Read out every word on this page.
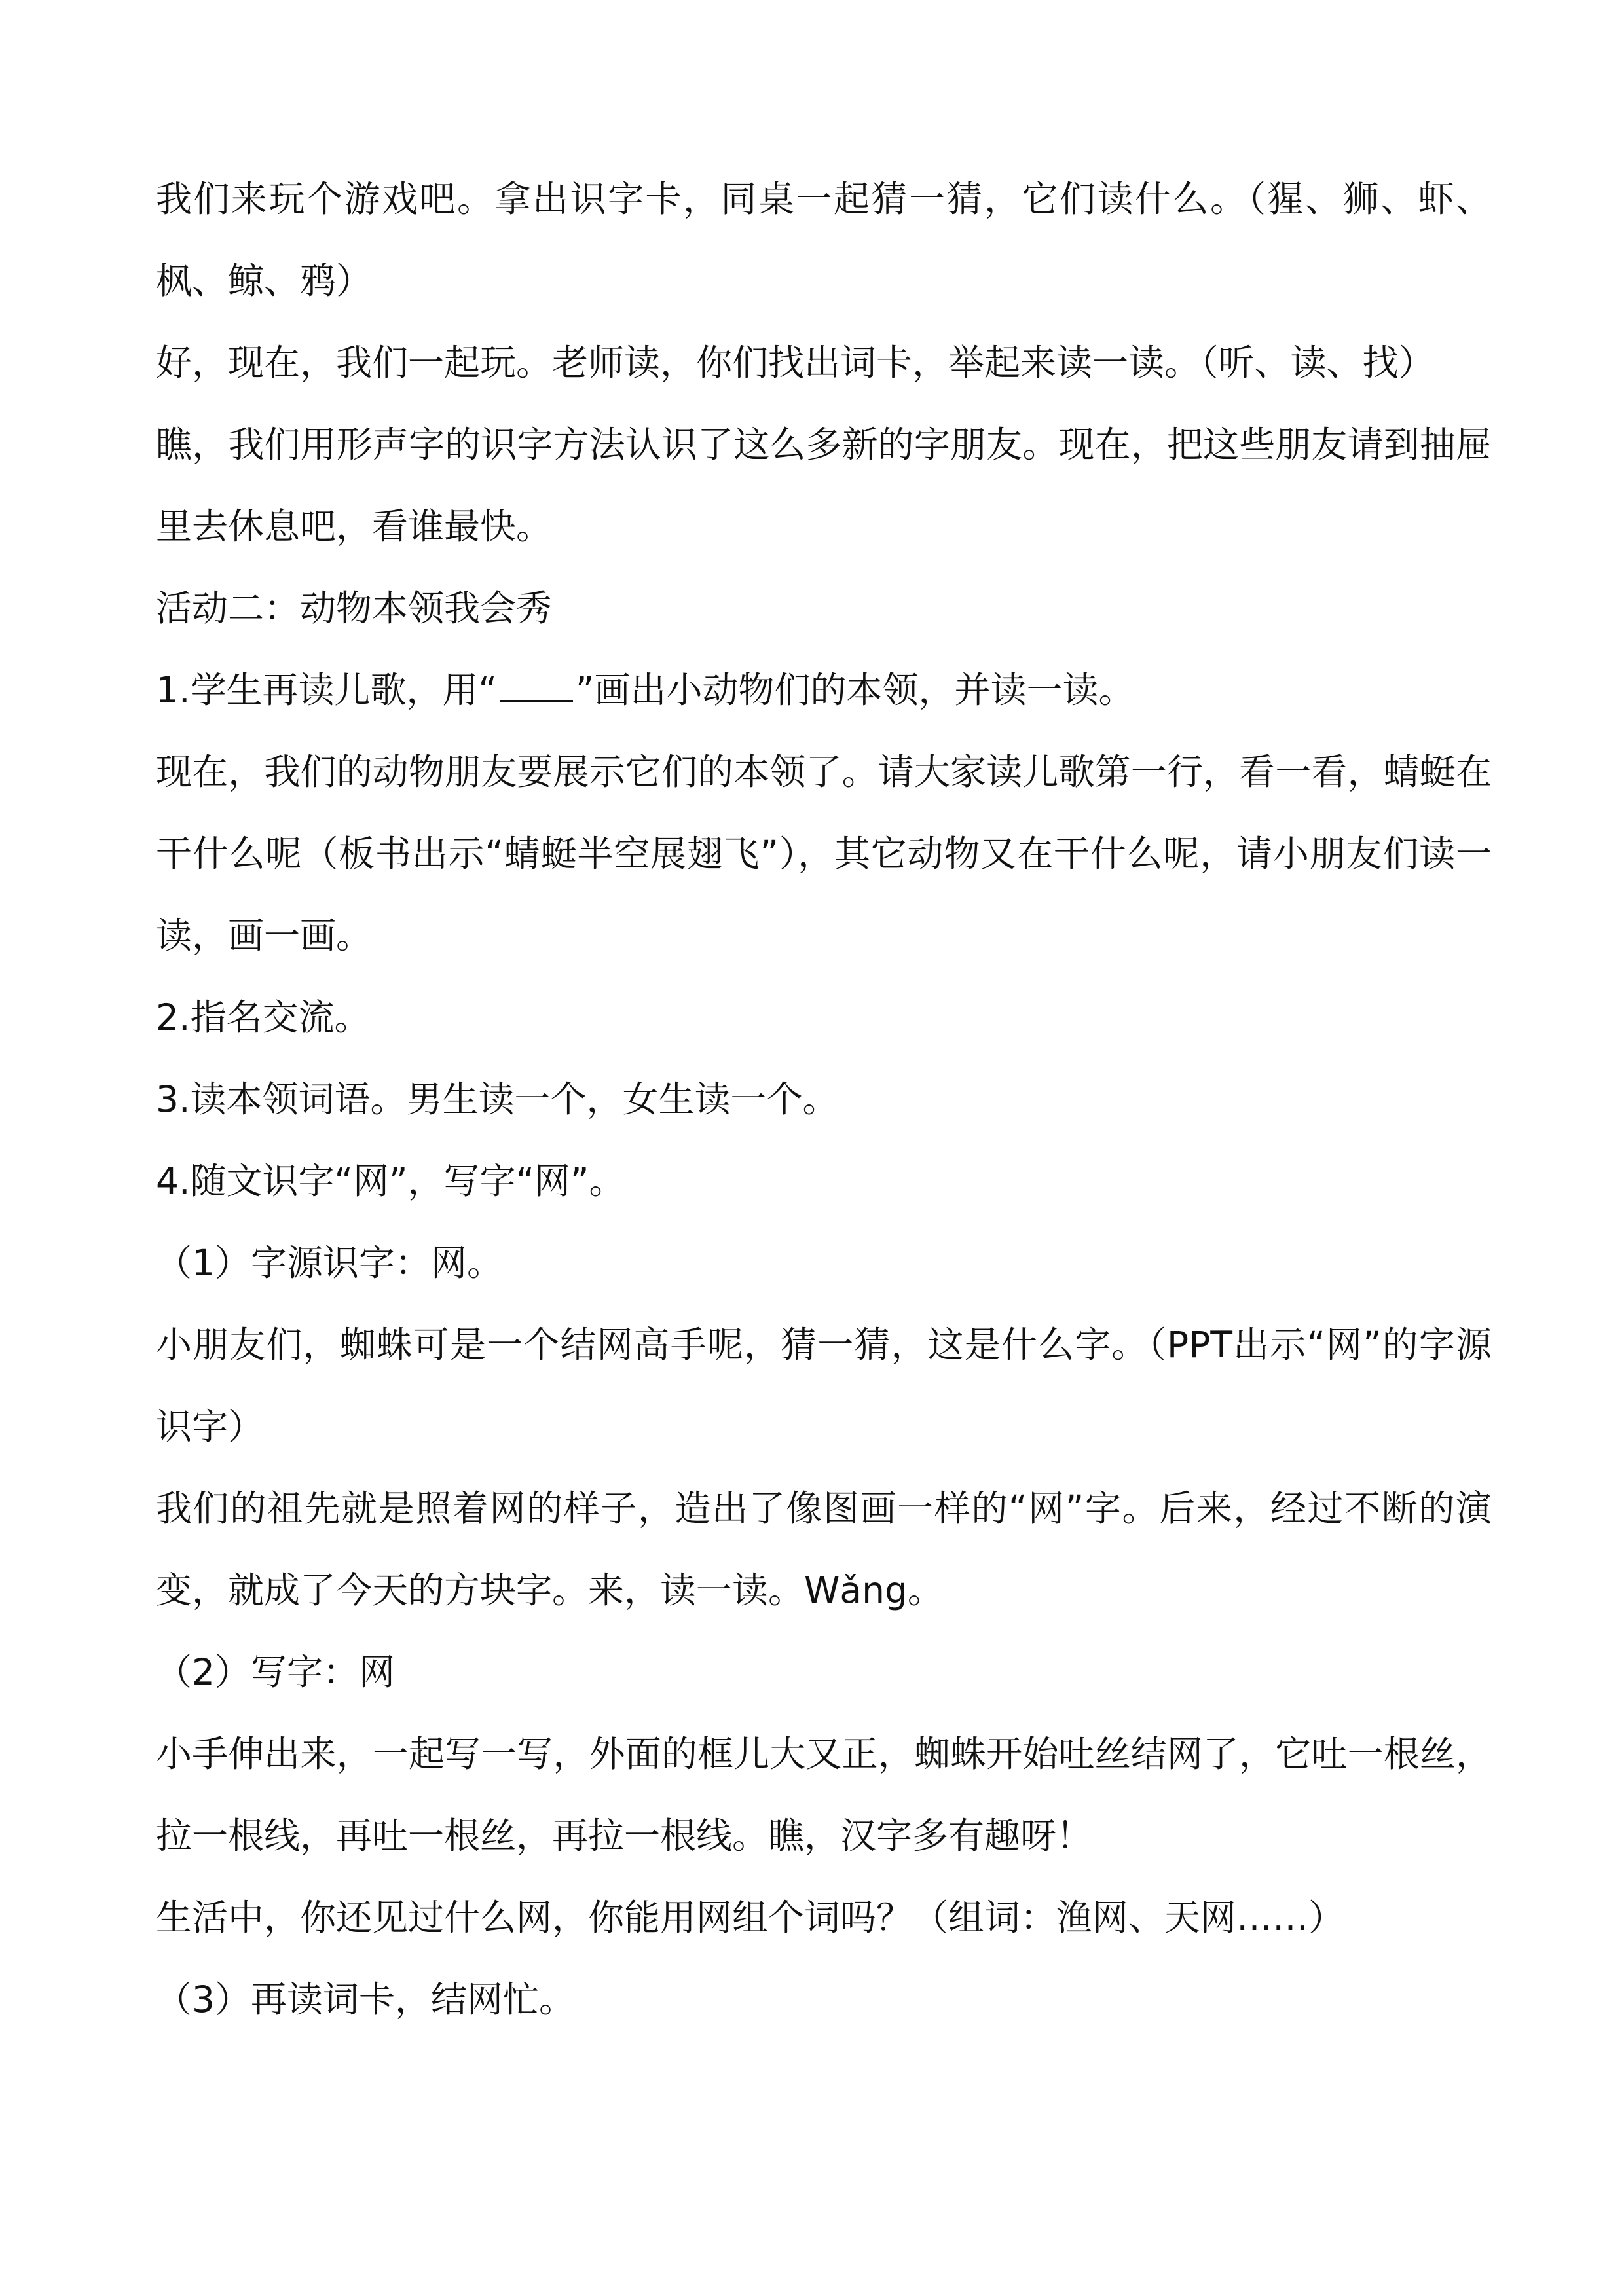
我们来玩个游戏吧。拿出识字卡，同桌一起猜一猜，它们读什么。（猩、狮、虾、枫、鲸、鸦）

好，现在，我们一起玩。老师读，你们找出词卡，举起来读一读。（听、读、找）

瞧，我们用形声字的识字方法认识了这么多新的字朋友。现在，把这些朋友请到抽屉里去休息吧，看谁最快。

活动二：动物本领我会秀

1.学生再读儿歌，用“ ”画出小动物们的本领，并读一读。

现在，我们的动物朋友要展示它们的本领了。请大家读儿歌第一行，看一看，蜻蜓在干什么呢（板书出示“蜻蜓半空展翅飞”），其它动物又在干什么呢，请小朋友们读一读，画一画。

2.指名交流。

3.读本领词语。男生读一个，女生读一个。

4.随文识字“网”，写字“网”。

（1）字源识字：网。

小朋友们，蜘蛛可是一个结网高手呢，猜一猜，这是什么字。（PPT出示“网”的字源识字）

我们的祖先就是照着网的样子，造出了像图画一样的“网”字。后来，经过不断的演变，就成了今天的方块字。来，读一读。Wǎng。

（2）写字：网

小手伸出来，一起写一写，外面的框儿大又正，蜘蛛开始吐丝结网了，它吐一根丝，拉一根线，再吐一根丝，再拉一根线。瞧，汉字多有趣呀！

生活中，你还见过什么网，你能用网组个词吗？（组词：渔网、天网……）

（3）再读词卡，结网忙。
